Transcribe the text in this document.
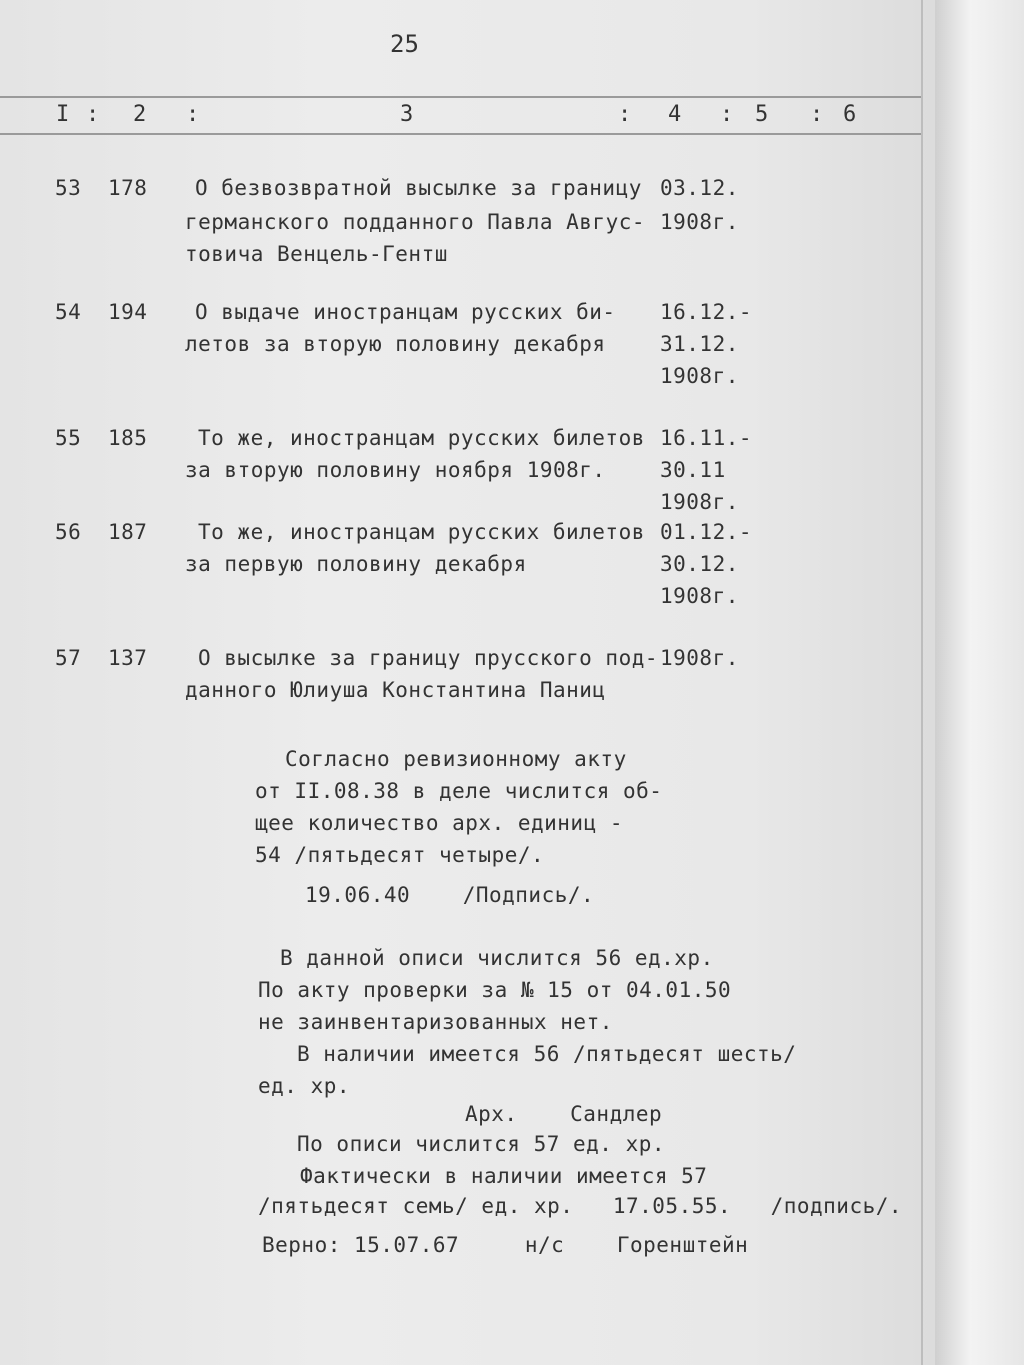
25
I : 2 :	3	: 4 : 5 : 6
53 178 О безвозвратной высылке за границу
германского подданного Павла Авгус-
товича Венцель-Гентш
03.12.
1908г.
54 194 О выдаче иностранцам русских би-
летов за вторую половину декабря
16.12.-
31.12.
1908г.
55 185 То же, иностранцам русских билетов
за вторую половину ноября 1908г.
16.11.-
30.11
1908г.
56 187 То же, иностранцам русских билетов
за первую половину декабря
01.12.-
30.12.
1908г.
57 137 О высылке за границу прусского под-
данного Юлиуша Константина Паниц
1908г.
Согласно ревизионному акту
от II.08.38 в деле числится об-
щее количество арх. единиц -
54 /пятьдесят четыре/.
19.06.40    /Подпись/.
В данной описи числится 56 ед.хр.
По акту проверки за № 15 от 04.01.50
не заинвентаризованных нет.
В наличии имеется 56 /пятьдесят шесть/
ед. хр.
Арх.    Сандлер
По описи числится 57 ед. хр.
Фактически в наличии имеется 57
/пятьдесят семь/ ед. хр.   17.05.55.   /подпись/.
Верно: 15.07.67     н/с    Горенштейн
